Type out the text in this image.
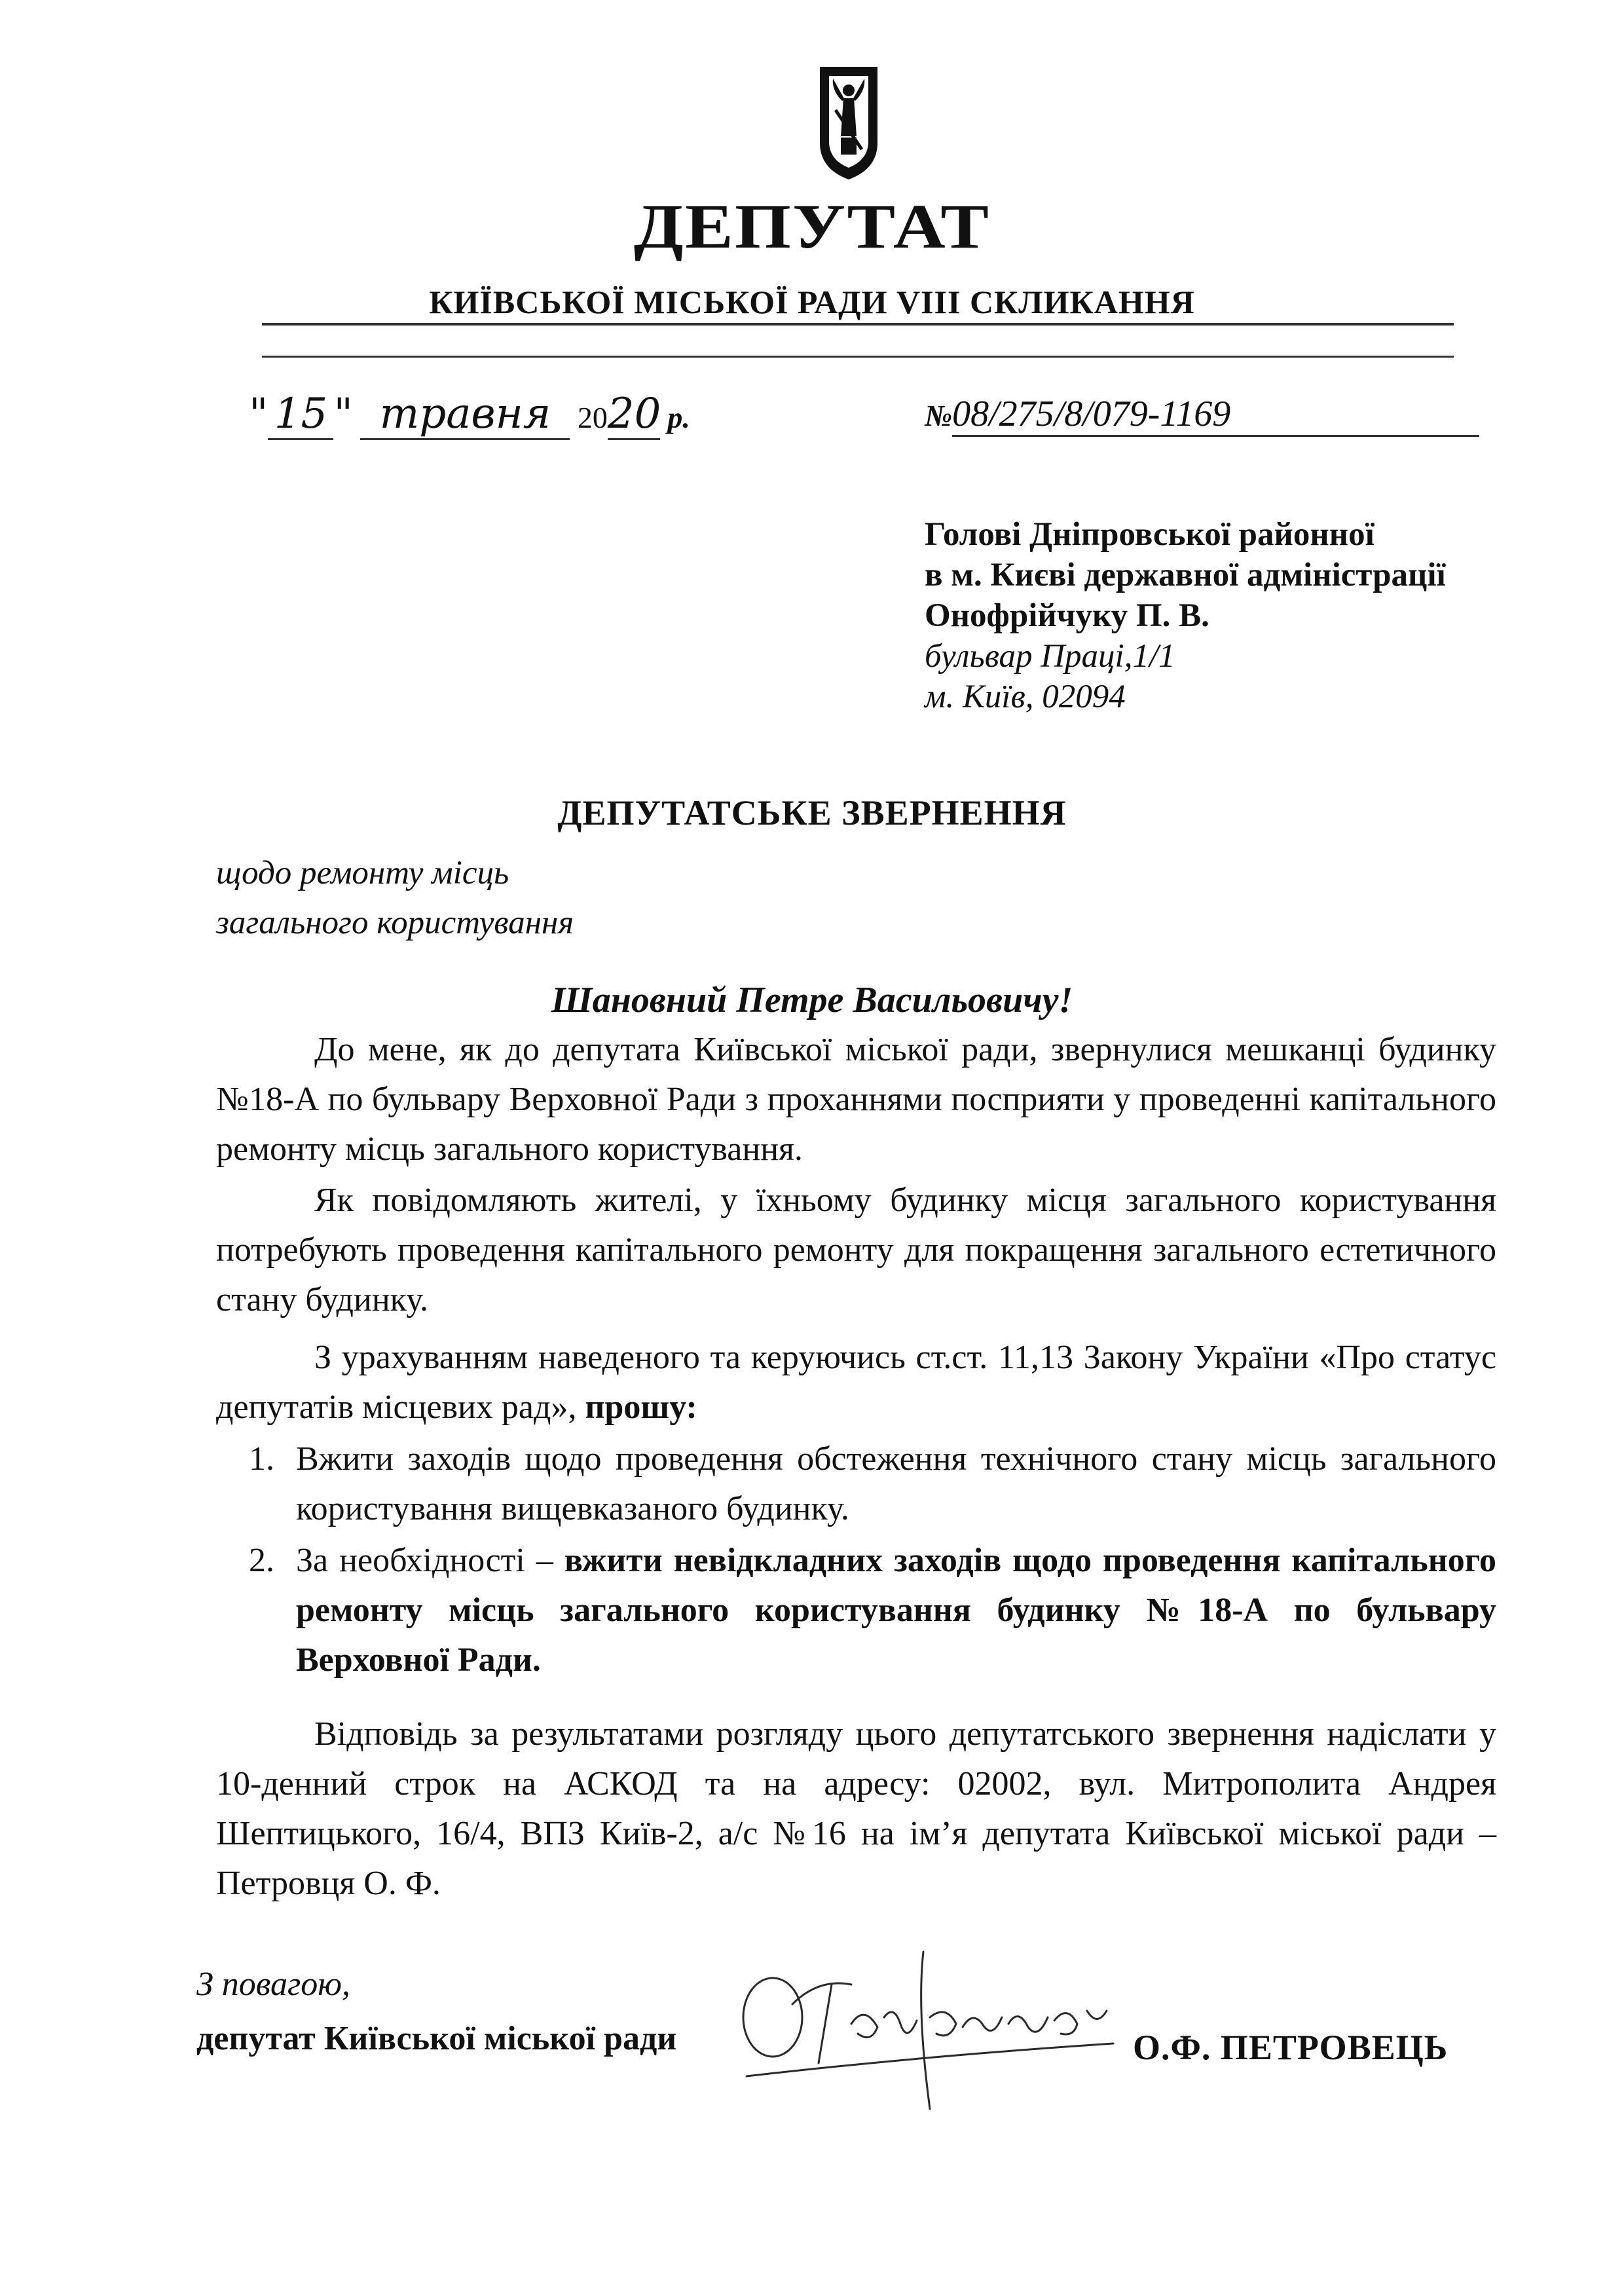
ДЕПУТАТ
КИЇВСЬКОЇ МІСЬКОЇ РАДИ VIII СКЛИКАННЯ
" 15 " травня 2020 р.	№08/275/8/079-1169
Голові Дніпровської районної
в м. Києві державної адміністрації
Онофрійчуку П. В.
бульвар Праці,1/1
м. Київ, 02094
ДЕПУТАТСЬКЕ ЗВЕРНЕННЯ
щодо ремонту місць
загального користування
Шановний Петре Васильовичу!
До мене, як до депутата Київської міської ради, звернулися мешканці будинку №18-А по бульвару Верховної Ради з проханнями посприяти у проведенні капітального ремонту місць загального користування.
Як повідомляють жителі, у їхньому будинку місця загального користування потребують проведення капітального ремонту для покращення загального естетичного стану будинку.
З урахуванням наведеного та керуючись ст.ст. 11,13 Закону України «Про статус депутатів місцевих рад», прошу:
1. Вжити заходів щодо проведення обстеження технічного стану місць загального користування вищевказаного будинку.
2. За необхідності – вжити невідкладних заходів щодо проведення капітального ремонту місць загального користування будинку №18-А по бульвару Верховної Ради.
Відповідь за результатами розгляду цього депутатського звернення надіслати у 10-денний строк на АСКОД та на адресу: 02002, вул. Митрополита Андрея Шептицького, 16/4, ВПЗ Київ-2, а/с №16 на ім’я депутата Київської міської ради – Петровця О. Ф.
З повагою,
депутат Київської міської ради	О.Ф. ПЕТРОВЕЦЬ
